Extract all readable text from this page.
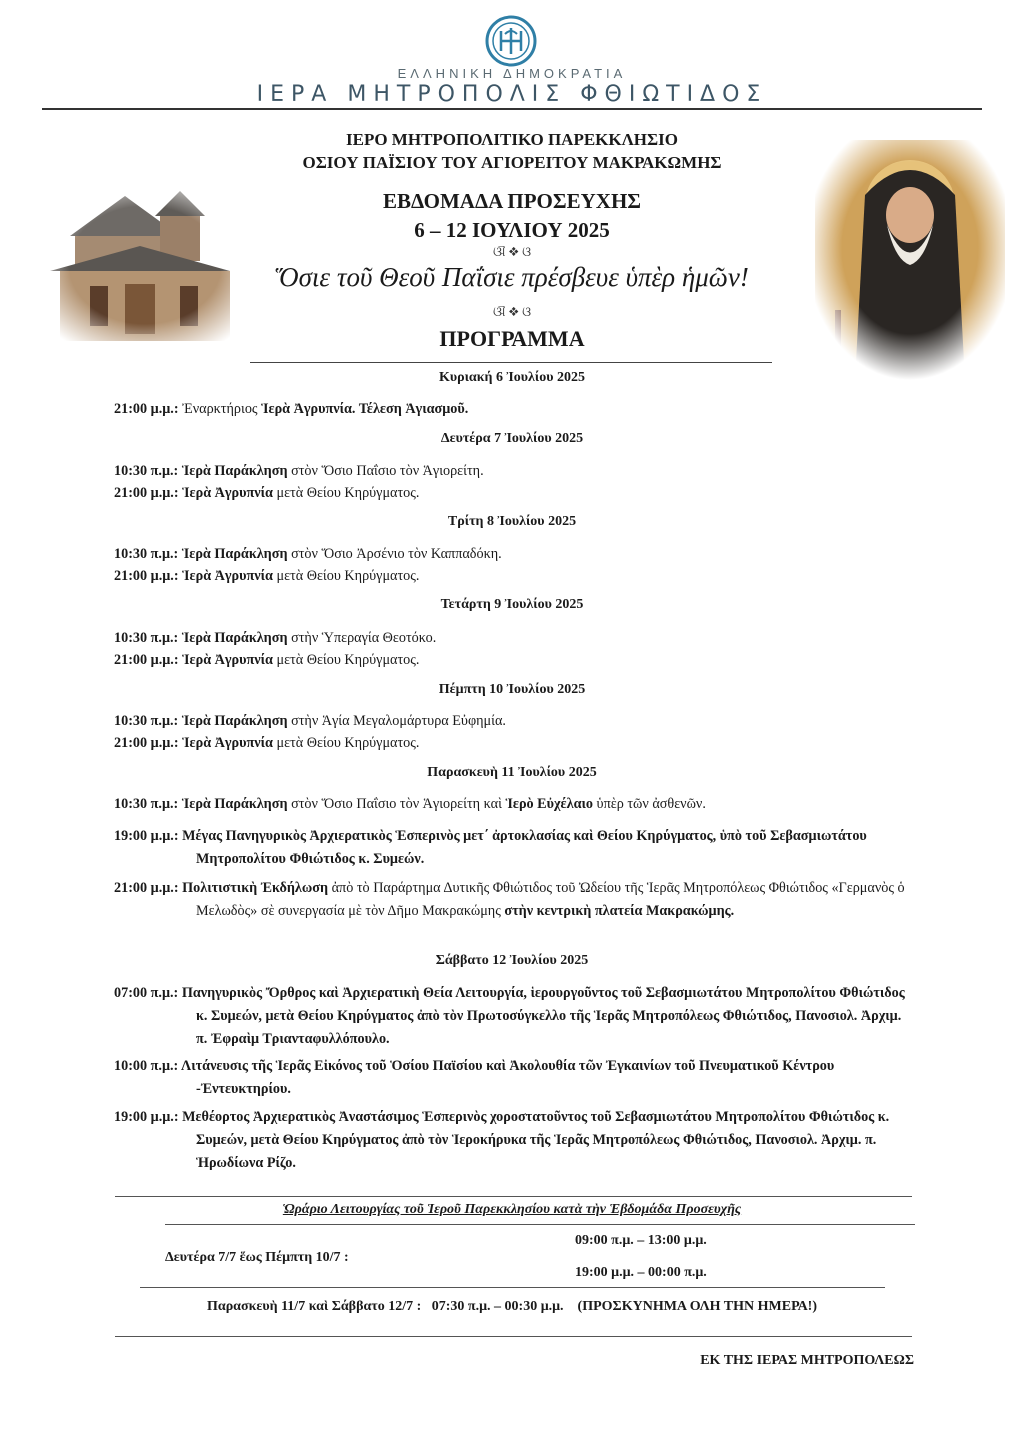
ΕΛΛΗΝΙΚΗ ΔΗΜΟΚΡΑΤΙΑ
ΙΕΡΑ ΜΗΤΡΟΠΟΛΙΣ ΦΘΙΩΤΙΔΟΣ
ΙΕΡΟ ΜΗΤΡΟΠΟΛΙΤΙΚΟ ΠΑΡΕΚΚΛΗΣΙΟ
ΟΣΙΟΥ ΠΑΪΣΙΟΥ ΤΟΥ ΑΓΙΟΡΕΙΤΟΥ ΜΑΚΡΑΚΩΜΗΣ
ΕΒΔΟΜΑΔΑ ΠΡΟΣΕΥΧΗΣ
6 – 12 ΙΟΥΛΙΟΥ 2025
ଔ ❖ ଓ
Ὅσιε τοῦ Θεοῦ Παΐσιε πρέσβευε ὑπὲρ ἡμῶν!
ଔ ❖ ଓ
ΠΡΟΓΡΑΜΜΑ
Κυριακή 6 Ἰουλίου 2025
Δευτέρα 7 Ἰουλίου 2025
Τρίτη 8 Ἰουλίου 2025
Τετάρτη 9 Ἰουλίου 2025
Πέμπτη 10 Ἰουλίου 2025
Παρασκευὴ 11 Ἰουλίου 2025
Σάββατο 12 Ἰουλίου 2025
21:00 μ.μ.: Ἐναρκτήριος Ἱερὰ Ἀγρυπνία. Τέλεση Ἁγιασμοῦ.
10:30 π.μ.: Ἱερὰ Παράκληση στὸν Ὅσιο Παΐσιο τὸν Ἁγιορείτη.
21:00 μ.μ.: Ἱερὰ Ἀγρυπνία μετὰ Θείου Κηρύγματος.
10:30 π.μ.: Ἱερὰ Παράκληση στὸν Ὅσιο Ἀρσένιο τὸν Καππαδόκη.
21:00 μ.μ.: Ἱερὰ Ἀγρυπνία μετὰ Θείου Κηρύγματος.
10:30 π.μ.: Ἱερὰ Παράκληση στὴν Ὑπεραγία Θεοτόκο.
21:00 μ.μ.: Ἱερὰ Ἀγρυπνία μετὰ Θείου Κηρύγματος.
10:30 π.μ.: Ἱερὰ Παράκληση στὴν Ἁγία Μεγαλομάρτυρα Εὐφημία.
21:00 μ.μ.: Ἱερὰ Ἀγρυπνία μετὰ Θείου Κηρύγματος.
10:30 π.μ.: Ἱερὰ Παράκληση στὸν Ὅσιο Παΐσιο τὸν Ἁγιορείτη καὶ Ἱερὸ Εὐχέλαιο ὑπὲρ τῶν ἀσθενῶν.
19:00 μ.μ.: Μέγας Πανηγυρικὸς Ἀρχιερατικὸς Ἑσπερινὸς μετ΄ ἀρτοκλασίας καὶ Θείου Κηρύγματος, ὑπὸ τοῦ Σεβασμιωτάτου Μητροπολίτου Φθιώτιδος κ. Συμεών.
21:00 μ.μ.: Πολιτιστικὴ Ἐκδήλωση ἀπὸ τὸ Παράρτημα Δυτικῆς Φθιώτιδος τοῦ Ὠδείου τῆς Ἱερᾶς Μητροπόλεως Φθιώτιδος «Γερμανὸς ὁ Μελωδὸς» σὲ συνεργασία μὲ τὸν Δῆμο Μακρακώμης στὴν κεντρικὴ πλατεία Μακρακώμης.
07:00 π.μ.: Πανηγυρικὸς Ὄρθρος καὶ Ἀρχιερατικὴ Θεία Λειτουργία, ἱερουργοῦντος τοῦ Σεβασμιωτάτου Μητροπολίτου Φθιώτιδος κ. Συμεών, μετὰ Θείου Κηρύγματος ἀπὸ τὸν Πρωτοσύγκελλο τῆς Ἱερᾶς Μητροπόλεως Φθιώτιδος, Πανοσιολ. Ἀρχιμ. π. Ἐφραὶμ Τριανταφυλλόπουλο.
10:00 π.μ.: Λιτάνευσις τῆς Ἱερᾶς Εἰκόνος τοῦ Ὁσίου Παϊσίου καὶ Ἀκολουθία τῶν Ἐγκαινίων τοῦ Πνευματικοῦ Κέντρου -Ἐντευκτηρίου.
19:00 μ.μ.: Μεθέορτος Ἀρχιερατικὸς Ἀναστάσιμος Ἑσπερινὸς χοροστατοῦντος τοῦ Σεβασμιωτάτου Μητροπολίτου Φθιώτιδος κ. Συμεών, μετὰ Θείου Κηρύγματος ἀπὸ τὸν Ἱεροκήρυκα τῆς Ἱερᾶς Μητροπόλεως Φθιώτιδος, Πανοσιολ. Ἀρχιμ. π. Ἡρωδίωνα Ρίζο.
Ὡράριο Λειτουργίας τοῦ Ἱεροῦ Παρεκκλησίου κατὰ τὴν Ἑβδομάδα Προσευχῆς
Δευτέρα 7/7 ἕως Πέμπτη 10/7 :
09:00 π.μ. – 13:00 μ.μ.
19:00 μ.μ. – 00:00 π.μ.
Παρασκευὴ 11/7 καὶ Σάββατο 12/7 :   07:30 π.μ. – 00:30 μ.μ.    (ΠΡΟΣΚΥΝΗΜΑ ΟΛΗ ΤΗΝ ΗΜΕΡΑ!)
ΕΚ ΤΗΣ ΙΕΡΑΣ ΜΗΤΡΟΠΟΛΕΩΣ
